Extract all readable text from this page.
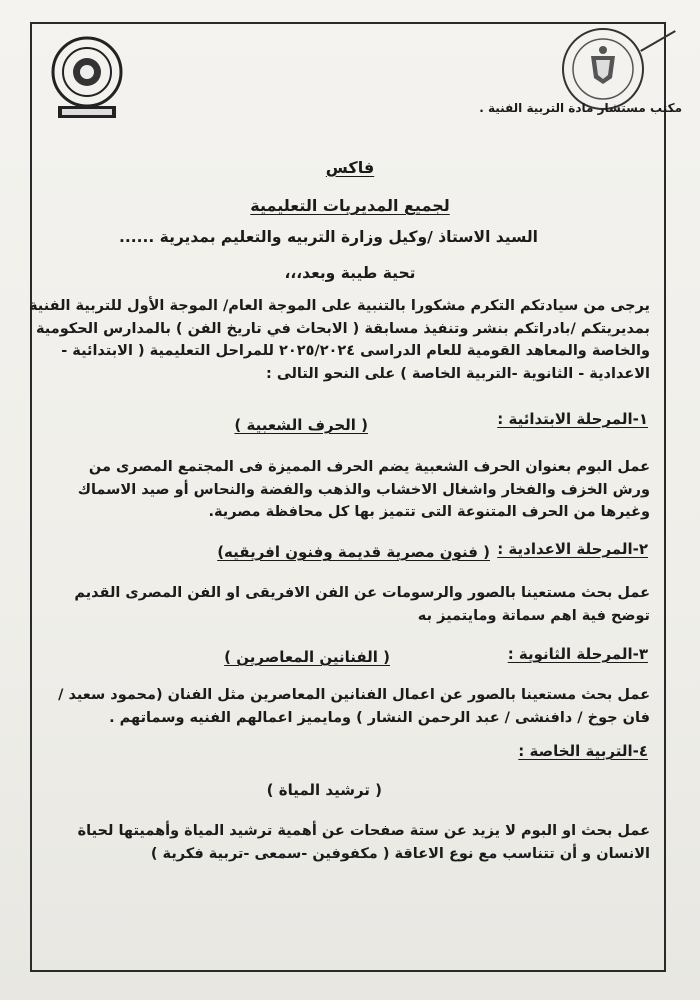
مكتب مستشار مادة التربية الفنية .
فاكس
لجميع المديريات التعليمية
السيد الاستاذ /وكيل وزارة التربيه والتعليم بمديرية ......
تحية طيبة وبعد،،،
يرجى من سيادتكم التكرم مشكورا بالتنبية على الموجة العام/ الموجة الأول للتربية الفنية
بمديريتكم /بادراتكم بنشر وتنفيذ مسابقة ( الابحاث في تاريخ الفن ) بالمدارس الحكومية
والخاصة والمعاهد القومية للعام الدراسى ٢٠٢٥/٢٠٢٤ للمراحل التعليمية ( الابتدائية -
الاعدادية - الثانوية -التربية الخاصة ) على النحو التالى :
١-المرحلة الابتدائية :
( الحرف الشعبية )
عمل البوم بعنوان الحرف الشعبية يضم الحرف المميزة فى المجتمع المصرى من
ورش الخزف والفخار واشغال الاخشاب والذهب والفضة والنحاس أو صيد الاسماك
وغيرها من الحرف المتنوعة التى تتميز بها كل محافظة مصرية.
٢-المرحلة الاعدادية :
( فنون مصرية قديمة وفنون افريقيه)
عمل بحث مستعينا بالصور والرسومات عن الفن الافريقى او الفن المصرى القديم
توضح فية اهم سماتة ومايتميز به
٣-المرحلة الثانوية :
( الفنانين المعاصرين )
عمل بحث مستعينا بالصور عن اعمال الفنانين المعاصرين مثل الفنان (محمود سعيد /
فان جوخ / دافنشى / عبد الرحمن النشار ) ومايميز اعمالهم الفنيه وسماتهم .
٤-التربية الخاصة :
( ترشيد المياة )
عمل بحث او البوم لا يزيد عن ستة صفحات عن أهمية ترشيد المياة وأهميتها لحياة
الانسان و أن تتناسب مع نوع الاعاقة ( مكفوفين -سمعى -تربية فكرية )
